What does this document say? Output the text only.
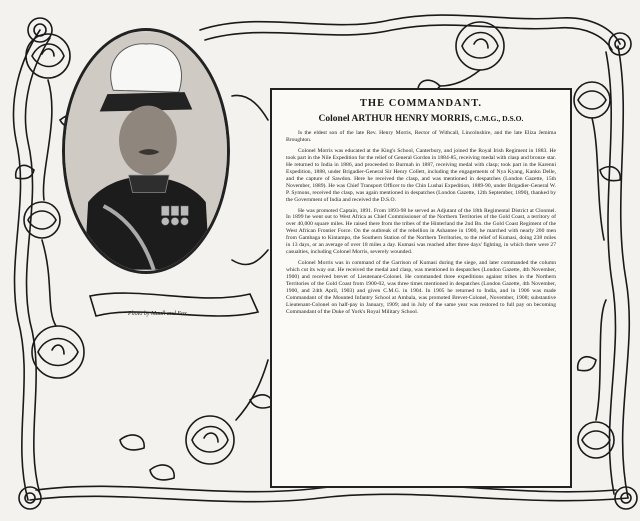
Photo by Maull and Fox.
THE COMMANDANT.
Colonel ARTHUR HENRY MORRIS, C.M.G., D.S.O.

Is the eldest son of the late Rev. Henry Morris, Rector of Withcall, Lincolnshire, and the late Eliza Jemima Broughton.

Colonel Morris was educated at the King's School, Canterbury, and joined the Royal Irish Regiment in 1883. He took part in the Nile Expedition for the relief of General Gordon in 1884-85, receiving medal with clasp and bronze star. He returned to India in 1886, and proceeded to Burmah in 1887, receiving medal with clasp; took part in the Karenni Expedition, 1888, under Brigadier-General Sir Henry Collett, including the engagements of Nya Kyang, Kankn Delle, and the capture of Sawdon. Here he received the clasp, and was mentioned in despatches (London Gazette, 15th November, 1889). He was Chief Transport Officer to the Chin Lushai Expedition, 1889-90, under Brigadier-General W. P. Symons, received the clasp, was again mentioned in despatches (London Gazette, 12th September, 1890), thanked by the Government of India and received the D.S.O.

He was promoted Captain, 1891. From 1893-98 he served as Adjutant of the 18th Regimental District at Clonmel. In 1899 he went out to West Africa as Chief Commissioner of the Northern Territories of the Gold Coast, a territory of over 40,000 square miles. He raised there from the tribes of the Hinterland the 2nd Bn. the Gold Coast Regiment of the West African Frontier Force. On the outbreak of the rebellion in Ashantee in 1900, he marched with nearly 200 men from Gambaga to Kintampo, the Southern Station of the Northern Territories, to the relief of Kumasi, doing 238 miles in 13 days, or an average of over 18 miles a day. Kumasi was reached after three days' fighting, in which there were 27 casualties, including Colonel Morris, severely wounded.

Colonel Morris was in command of the Garrison of Kumasi during the siege, and later commanded the column which cut its way out. He received the medal and clasp, was mentioned in despatches (London Gazette, 4th November, 1900) and received brevet of Lieutenant-Colonel. He commanded three expeditions against tribes in the Northern Territories of the Gold Coast from 1900-02, was three times mentioned in despatches (London Gazette, 4th November, 1900, and 24th April, 1903) and given C.M.G. in 1904. In 1905 he returned to India, and in 1906 was made Commandant of the Mounted Infantry School at Ambala, was promoted Brevet-Colonel, November, 1908; substantive Lieutenant-Colonel on half-pay in January, 1909; and in July of the same year was restored to full pay on becoming Commandant of the Duke of York's Royal Military School.
